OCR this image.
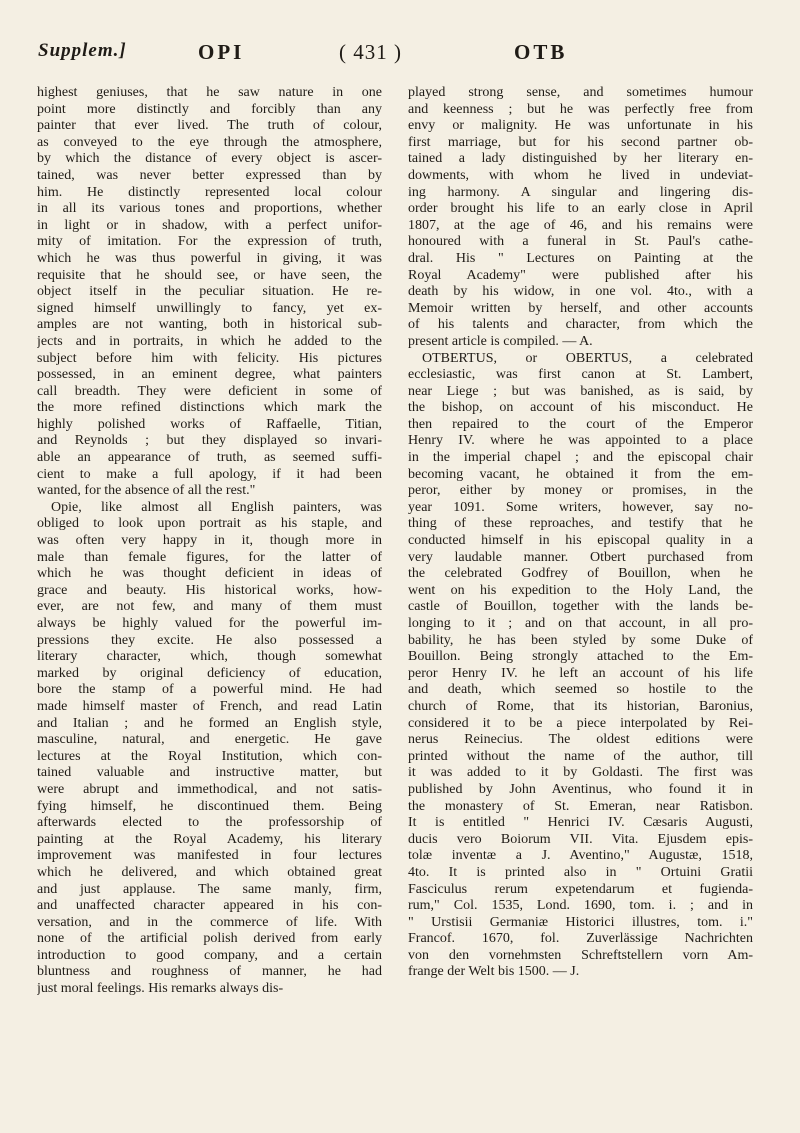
Supplem.]	OPI	( 431 )	OTB
highest geniuses, that he saw nature in one
point more distinctly and forcibly than any
painter that ever lived. The truth of colour,
as conveyed to the eye through the atmosphere,
by which the distance of every object is ascer-
tained, was never better expressed than by
him. He distinctly represented local colour
in all its various tones and proportions, whether
in light or in shadow, with a perfect unifor-
mity of imitation. For the expression of truth,
which he was thus powerful in giving, it was
requisite that he should see, or have seen, the
object itself in the peculiar situation. He re-
signed himself unwillingly to fancy, yet ex-
amples are not wanting, both in historical sub-
jects and in portraits, in which he added to the
subject before him with felicity. His pictures
possessed, in an eminent degree, what painters
call breadth. They were deficient in some of
the more refined distinctions which mark the
highly polished works of Raffaelle, Titian,
and Reynolds ; but they displayed so invari-
able an appearance of truth, as seemed suffi-
cient to make a full apology, if it had been
wanted, for the absence of all the rest."
Opie, like almost all English painters, was
obliged to look upon portrait as his staple, and
was often very happy in it, though more in
male than female figures, for the latter of
which he was thought deficient in ideas of
grace and beauty. His historical works, how-
ever, are not few, and many of them must
always be highly valued for the powerful im-
pressions they excite. He also possessed a
literary character, which, though somewhat
marked by original deficiency of education,
bore the stamp of a powerful mind. He had
made himself master of French, and read Latin
and Italian ; and he formed an English style,
masculine, natural, and energetic. He gave
lectures at the Royal Institution, which con-
tained valuable and instructive matter, but
were abrupt and immethodical, and not satis-
fying himself, he discontinued them. Being
afterwards elected to the professorship of
painting at the Royal Academy, his literary
improvement was manifested in four lectures
which he delivered, and which obtained great
and just applause. The same manly, firm,
and unaffected character appeared in his con-
versation, and in the commerce of life. With
none of the artificial polish derived from early
introduction to good company, and a certain
bluntness and roughness of manner, he had
just moral feelings. His remarks always dis-
played strong sense, and sometimes humour
and keenness ; but he was perfectly free from
envy or malignity. He was unfortunate in his
first marriage, but for his second partner ob-
tained a lady distinguished by her literary en-
dowments, with whom he lived in undeviat-
ing harmony. A singular and lingering dis-
order brought his life to an early close in April
1807, at the age of 46, and his remains were
honoured with a funeral in St. Paul's cathe-
dral. His " Lectures on Painting at the
Royal Academy" were published after his
death by his widow, in one vol. 4to., with a
Memoir written by herself, and other accounts
of his talents and character, from which the
present article is compiled. — A.
OTBERTUS, or OBERTUS, a celebrated
ecclesiastic, was first canon at St. Lambert,
near Liege ; but was banished, as is said, by
the bishop, on account of his misconduct. He
then repaired to the court of the Emperor
Henry IV. where he was appointed to a place
in the imperial chapel ; and the episcopal chair
becoming vacant, he obtained it from the em-
peror, either by money or promises, in the
year 1091. Some writers, however, say no-
thing of these reproaches, and testify that he
conducted himself in his episcopal quality in a
very laudable manner. Otbert purchased from
the celebrated Godfrey of Bouillon, when he
went on his expedition to the Holy Land, the
castle of Bouillon, together with the lands be-
longing to it ; and on that account, in all pro-
bability, he has been styled by some Duke of
Bouillon. Being strongly attached to the Em-
peror Henry IV. he left an account of his life
and death, which seemed so hostile to the
church of Rome, that its historian, Baronius,
considered it to be a piece interpolated by Rei-
nerus Reinecius. The oldest editions were
printed without the name of the author, till
it was added to it by Goldasti. The first was
published by John Aventinus, who found it in
the monastery of St. Emeran, near Ratisbon.
It is entitled " Henrici IV. Cæsaris Augusti,
ducis vero Boiorum VII. Vita. Ejusdem epis-
tolæ inventæ a J. Aventino," Augustæ, 1518,
4to. It is printed also in " Ortuini Gratii
Fasciculus rerum expetendarum et fugienda-
rum," Col. 1535, Lond. 1690, tom. i. ; and in
" Urstisii Germaniæ Historici illustres, tom. i."
Francof. 1670, fol. Zuverlässige Nachrichten
von den vornehmsten Schreftstellern vorn Am-
frange der Welt bis 1500. — J.
